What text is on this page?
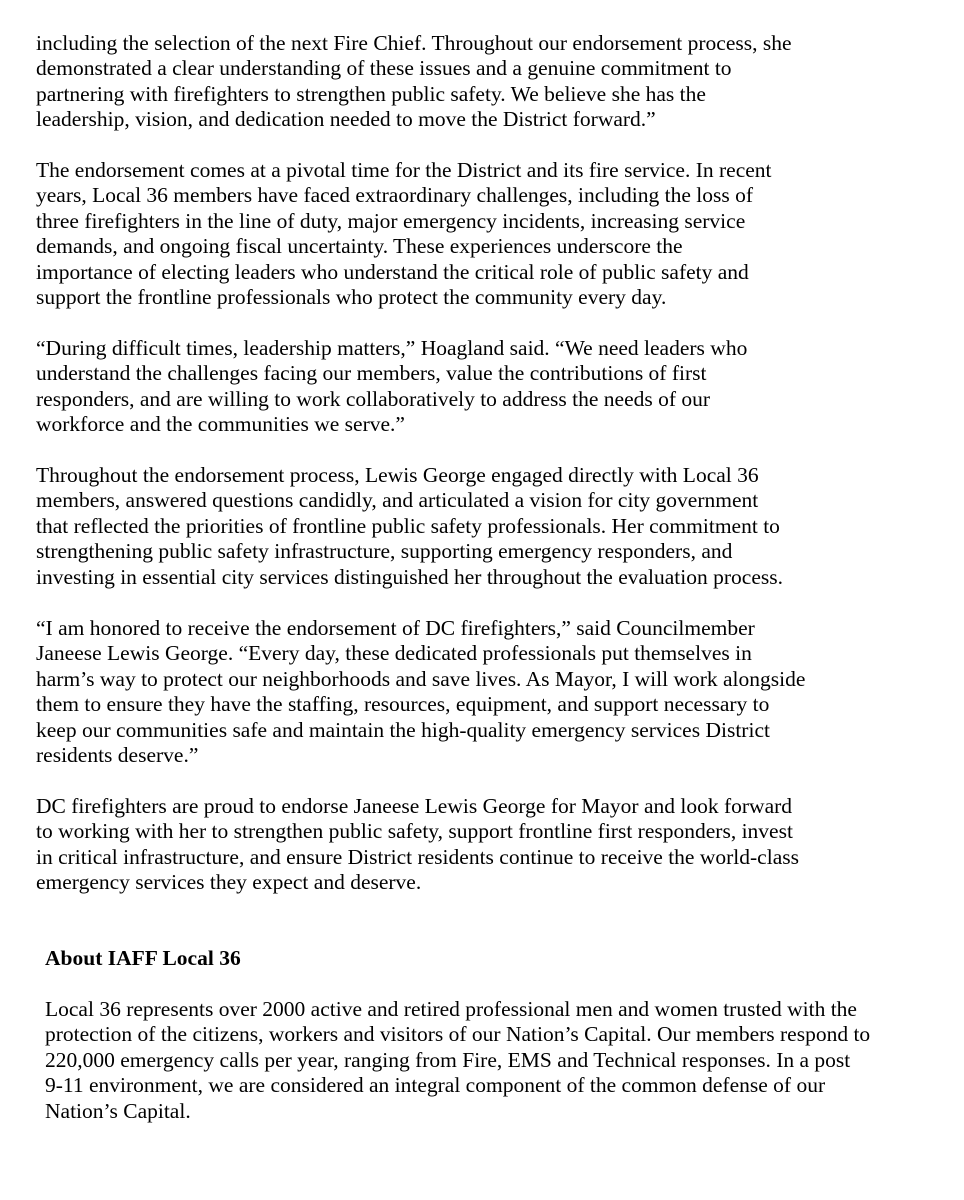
including the selection of the next Fire Chief. Throughout our endorsement process, she
demonstrated a clear understanding of these issues and a genuine commitment to
partnering with firefighters to strengthen public safety. We believe she has the
leadership, vision, and dedication needed to move the District forward.”

The endorsement comes at a pivotal time for the District and its fire service. In recent
years, Local 36 members have faced extraordinary challenges, including the loss of
three firefighters in the line of duty, major emergency incidents, increasing service
demands, and ongoing fiscal uncertainty. These experiences underscore the
importance of electing leaders who understand the critical role of public safety and
support the frontline professionals who protect the community every day.

“During difficult times, leadership matters,” Hoagland said. “We need leaders who
understand the challenges facing our members, value the contributions of first
responders, and are willing to work collaboratively to address the needs of our
workforce and the communities we serve.”

Throughout the endorsement process, Lewis George engaged directly with Local 36
members, answered questions candidly, and articulated a vision for city government
that reflected the priorities of frontline public safety professionals. Her commitment to
strengthening public safety infrastructure, supporting emergency responders, and
investing in essential city services distinguished her throughout the evaluation process.

“I am honored to receive the endorsement of DC firefighters,” said Councilmember
Janeese Lewis George. “Every day, these dedicated professionals put themselves in
harm’s way to protect our neighborhoods and save lives. As Mayor, I will work alongside
them to ensure they have the staffing, resources, equipment, and support necessary to
keep our communities safe and maintain the high-quality emergency services District
residents deserve.”

DC firefighters are proud to endorse Janeese Lewis George for Mayor and look forward
to working with her to strengthen public safety, support frontline first responders, invest
in critical infrastructure, and ensure District residents continue to receive the world-class
emergency services they expect and deserve.

About IAFF Local 36

Local 36 represents over 2000 active and retired professional men and women trusted with the
protection of the citizens, workers and visitors of our Nation’s Capital. Our members respond to
220,000 emergency calls per year, ranging from Fire, EMS and Technical responses. In a post
9-11 environment, we are considered an integral component of the common defense of our
Nation’s Capital.
